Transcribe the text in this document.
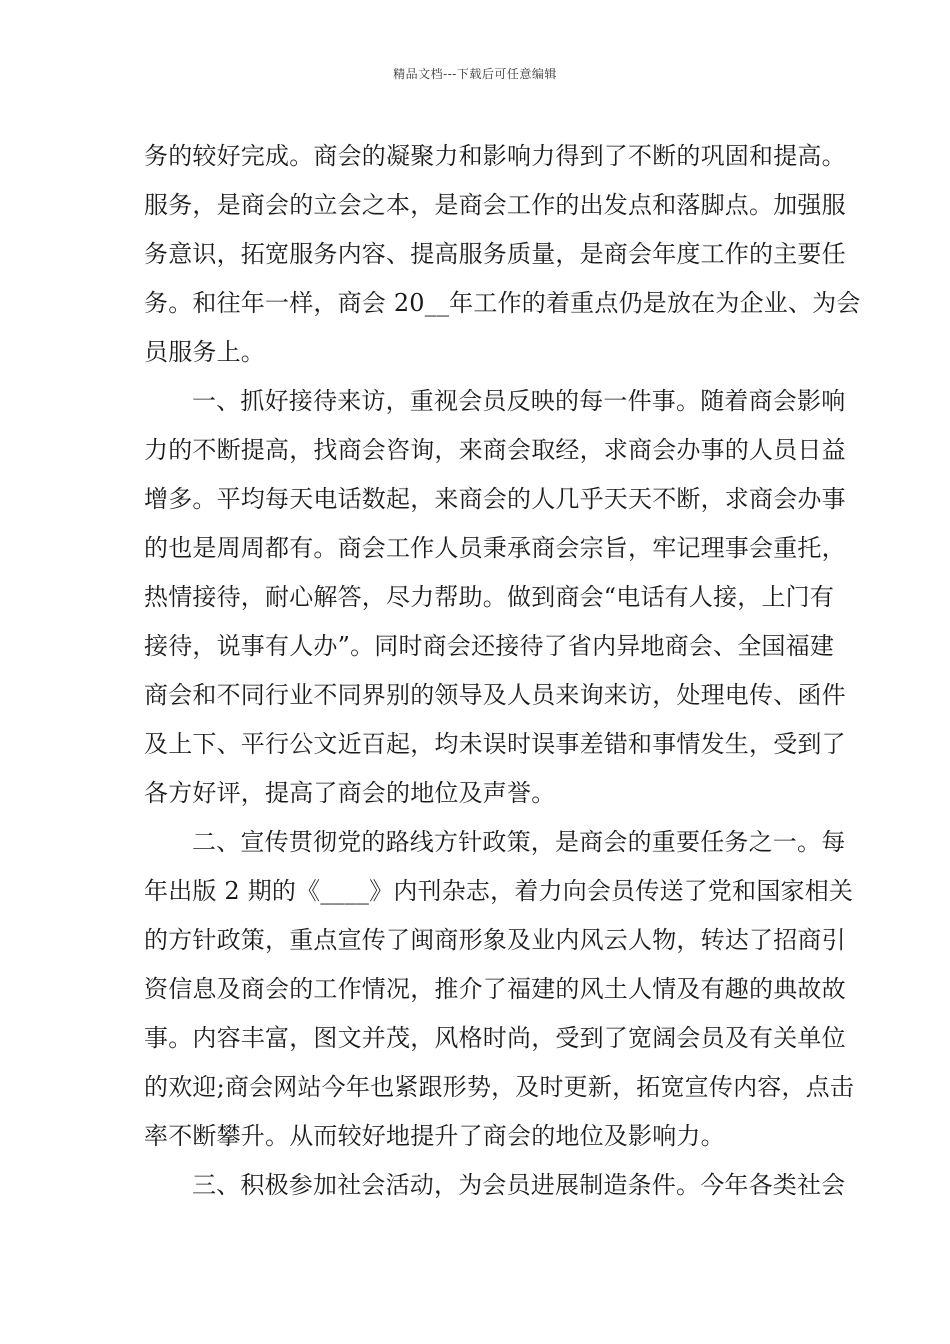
精品文档---下载后可任意编辑
务的较好完成。商会的凝聚力和影响力得到了不断的巩固和提高。
服务，是商会的立会之本，是商会工作的出发点和落脚点。加强服
务意识，拓宽服务内容、提高服务质量，是商会年度工作的主要任
务。和往年一样，商会 20__年工作的着重点仍是放在为企业、为会
员服务上。
一、抓好接待来访，重视会员反映的每一件事。随着商会影响
力的不断提高，找商会咨询，来商会取经，求商会办事的人员日益
增多。平均每天电话数起，来商会的人几乎天天不断，求商会办事
的也是周周都有。商会工作人员秉承商会宗旨，牢记理事会重托，
热情接待，耐心解答，尽力帮助。做到商会“电话有人接，上门有
接待，说事有人办”。同时商会还接待了省内异地商会、全国福建
商会和不同行业不同界别的领导及人员来询来访，处理电传、函件
及上下、平行公文近百起，均未误时误事差错和事情发生，受到了
各方好评，提高了商会的地位及声誉。
二、宣传贯彻党的路线方针政策，是商会的重要任务之一。每
年出版 2 期的《____》内刊杂志，着力向会员传送了党和国家相关
的方针政策，重点宣传了闽商形象及业内风云人物，转达了招商引
资信息及商会的工作情况，推介了福建的风土人情及有趣的典故故
事。内容丰富，图文并茂，风格时尚，受到了宽阔会员及有关单位
的欢迎;商会网站今年也紧跟形势，及时更新，拓宽宣传内容，点击
率不断攀升。从而较好地提升了商会的地位及影响力。
三、积极参加社会活动，为会员进展制造条件。今年各类社会
